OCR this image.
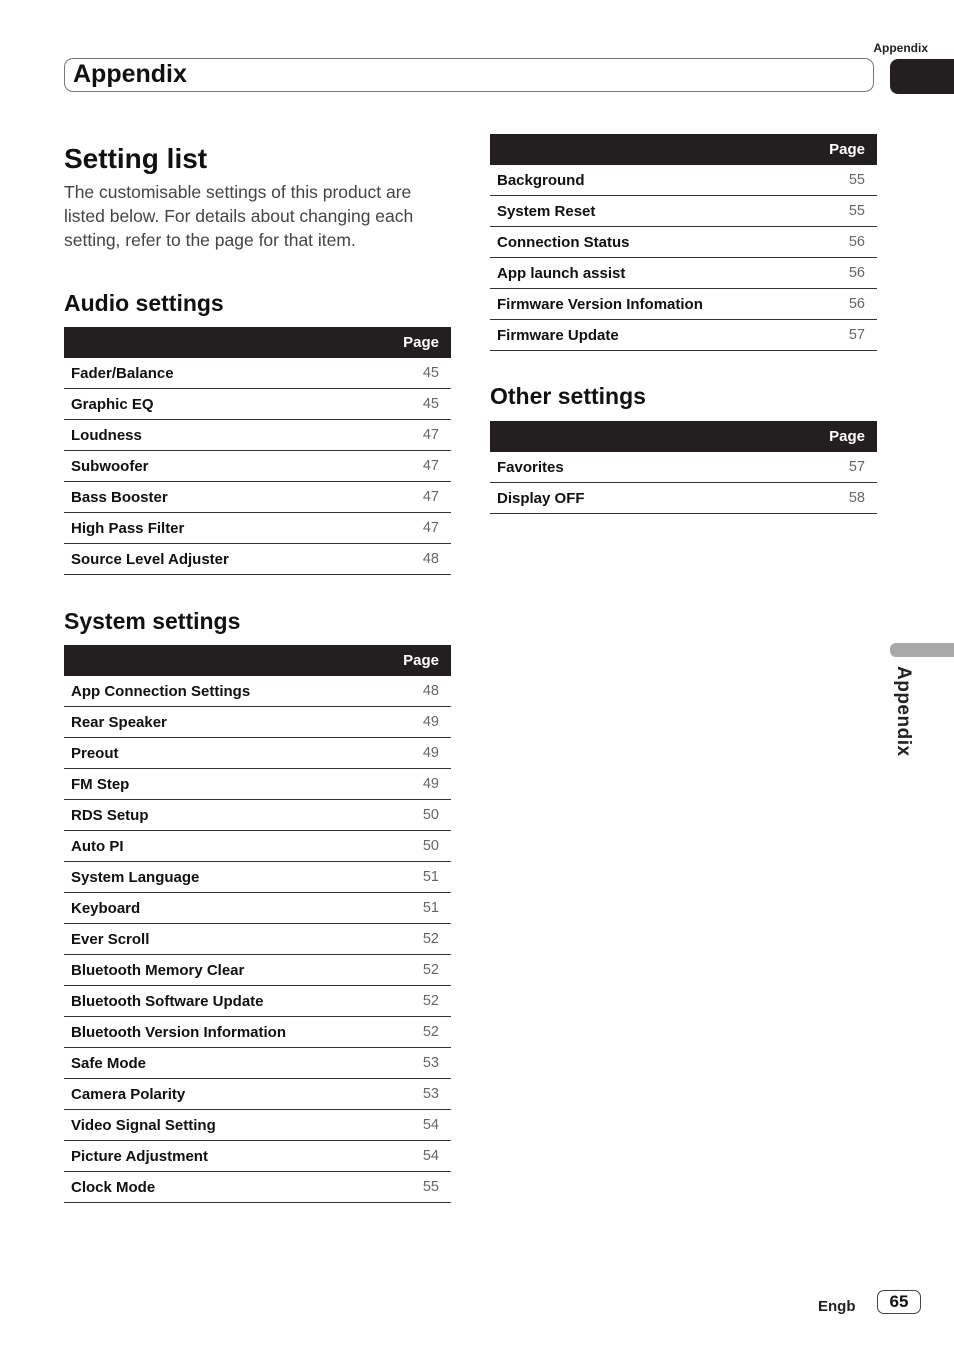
Appendix
Appendix
Setting list
The customisable settings of this product are listed below. For details about changing each setting, refer to the page for that item.
Audio settings
Page	
Fader/Balance	45
Graphic EQ	45
Loudness	47
Subwoofer	47
Bass Booster	47
High Pass Filter	47
Source Level Adjuster	48
System settings
Page	
App Connection Settings	48
Rear Speaker	49
Preout	49
FM Step	49
RDS Setup	50
Auto PI	50
System Language	51
Keyboard	51
Ever Scroll	52
Bluetooth Memory Clear	52
Bluetooth Software Update	52
Bluetooth Version Information	52
Safe Mode	53
Camera Polarity	53
Video Signal Setting	54
Picture Adjustment	54
Clock Mode	55
Page	
Background	55
System Reset	55
Connection Status	56
App launch assist	56
Firmware Version Infomation	56
Firmware Update	57
Other settings
Page	
Favorites	57
Display OFF	58
Appendix
Engb	65
